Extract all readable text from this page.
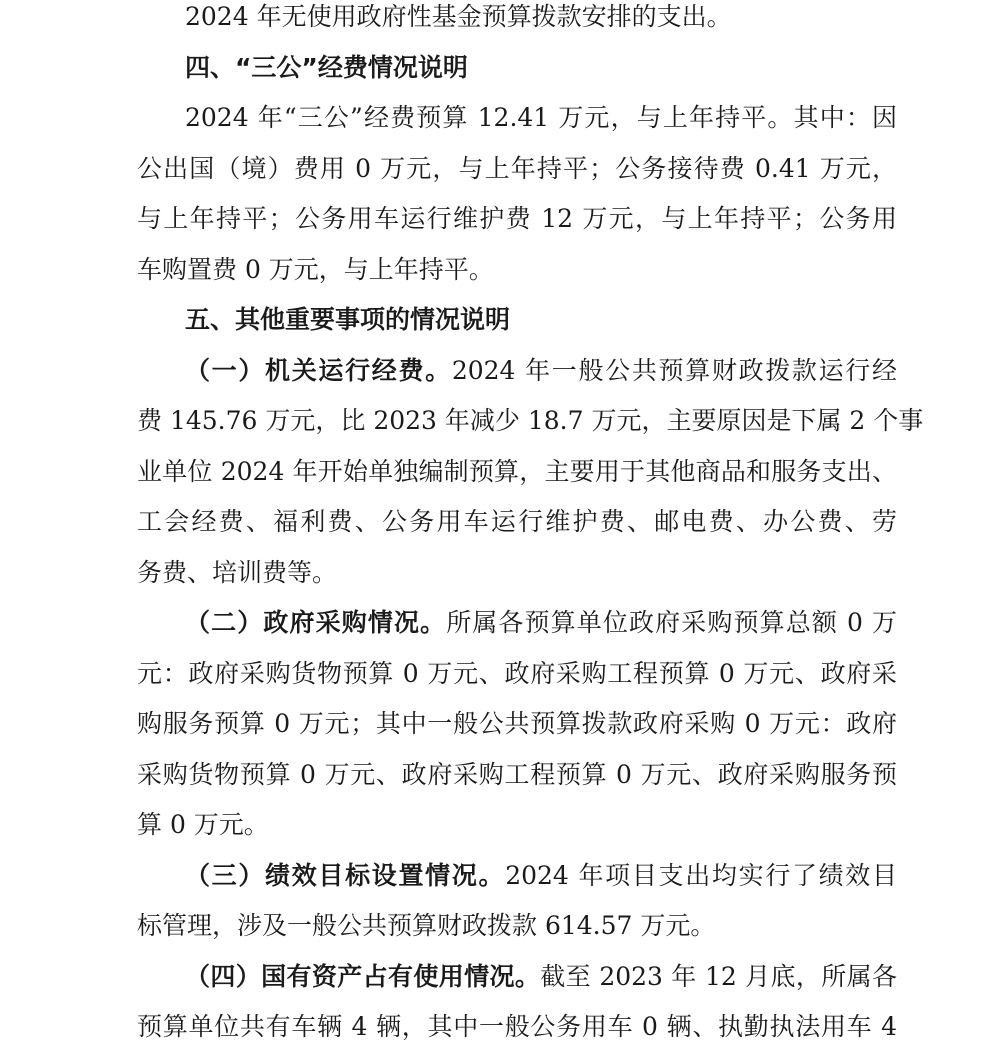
2024 年无使用政府性基金预算拨款安排的支出。
四、“三公”经费情况说明
2024 年“三公”经费预算 12.41 万元，与上年持平。其中：因
公出国（境）费用 0 万元，与上年持平；公务接待费 0.41 万元，
与上年持平；公务用车运行维护费 12 万元，与上年持平；公务用
车购置费 0 万元，与上年持平。
五、其他重要事项的情况说明
（一）机关运行经费。2024 年一般公共预算财政拨款运行经
费 145.76 万元，比 2023 年减少 18.7 万元，主要原因是下属 2 个事
业单位 2024 年开始单独编制预算，主要用于其他商品和服务支出、
工会经费、福利费、公务用车运行维护费、邮电费、办公费、劳
务费、培训费等。
（二）政府采购情况。所属各预算单位政府采购预算总额 0 万
元：政府采购货物预算 0 万元、政府采购工程预算 0 万元、政府采
购服务预算 0 万元；其中一般公共预算拨款政府采购 0 万元：政府
采购货物预算 0 万元、政府采购工程预算 0 万元、政府采购服务预
算 0 万元。
（三）绩效目标设置情况。2024 年项目支出均实行了绩效目
标管理，涉及一般公共预算财政拨款 614.57 万元。
（四）国有资产占有使用情况。截至 2023 年 12 月底，所属各
预算单位共有车辆 4 辆，其中一般公务用车 0 辆、执勤执法用车 4
